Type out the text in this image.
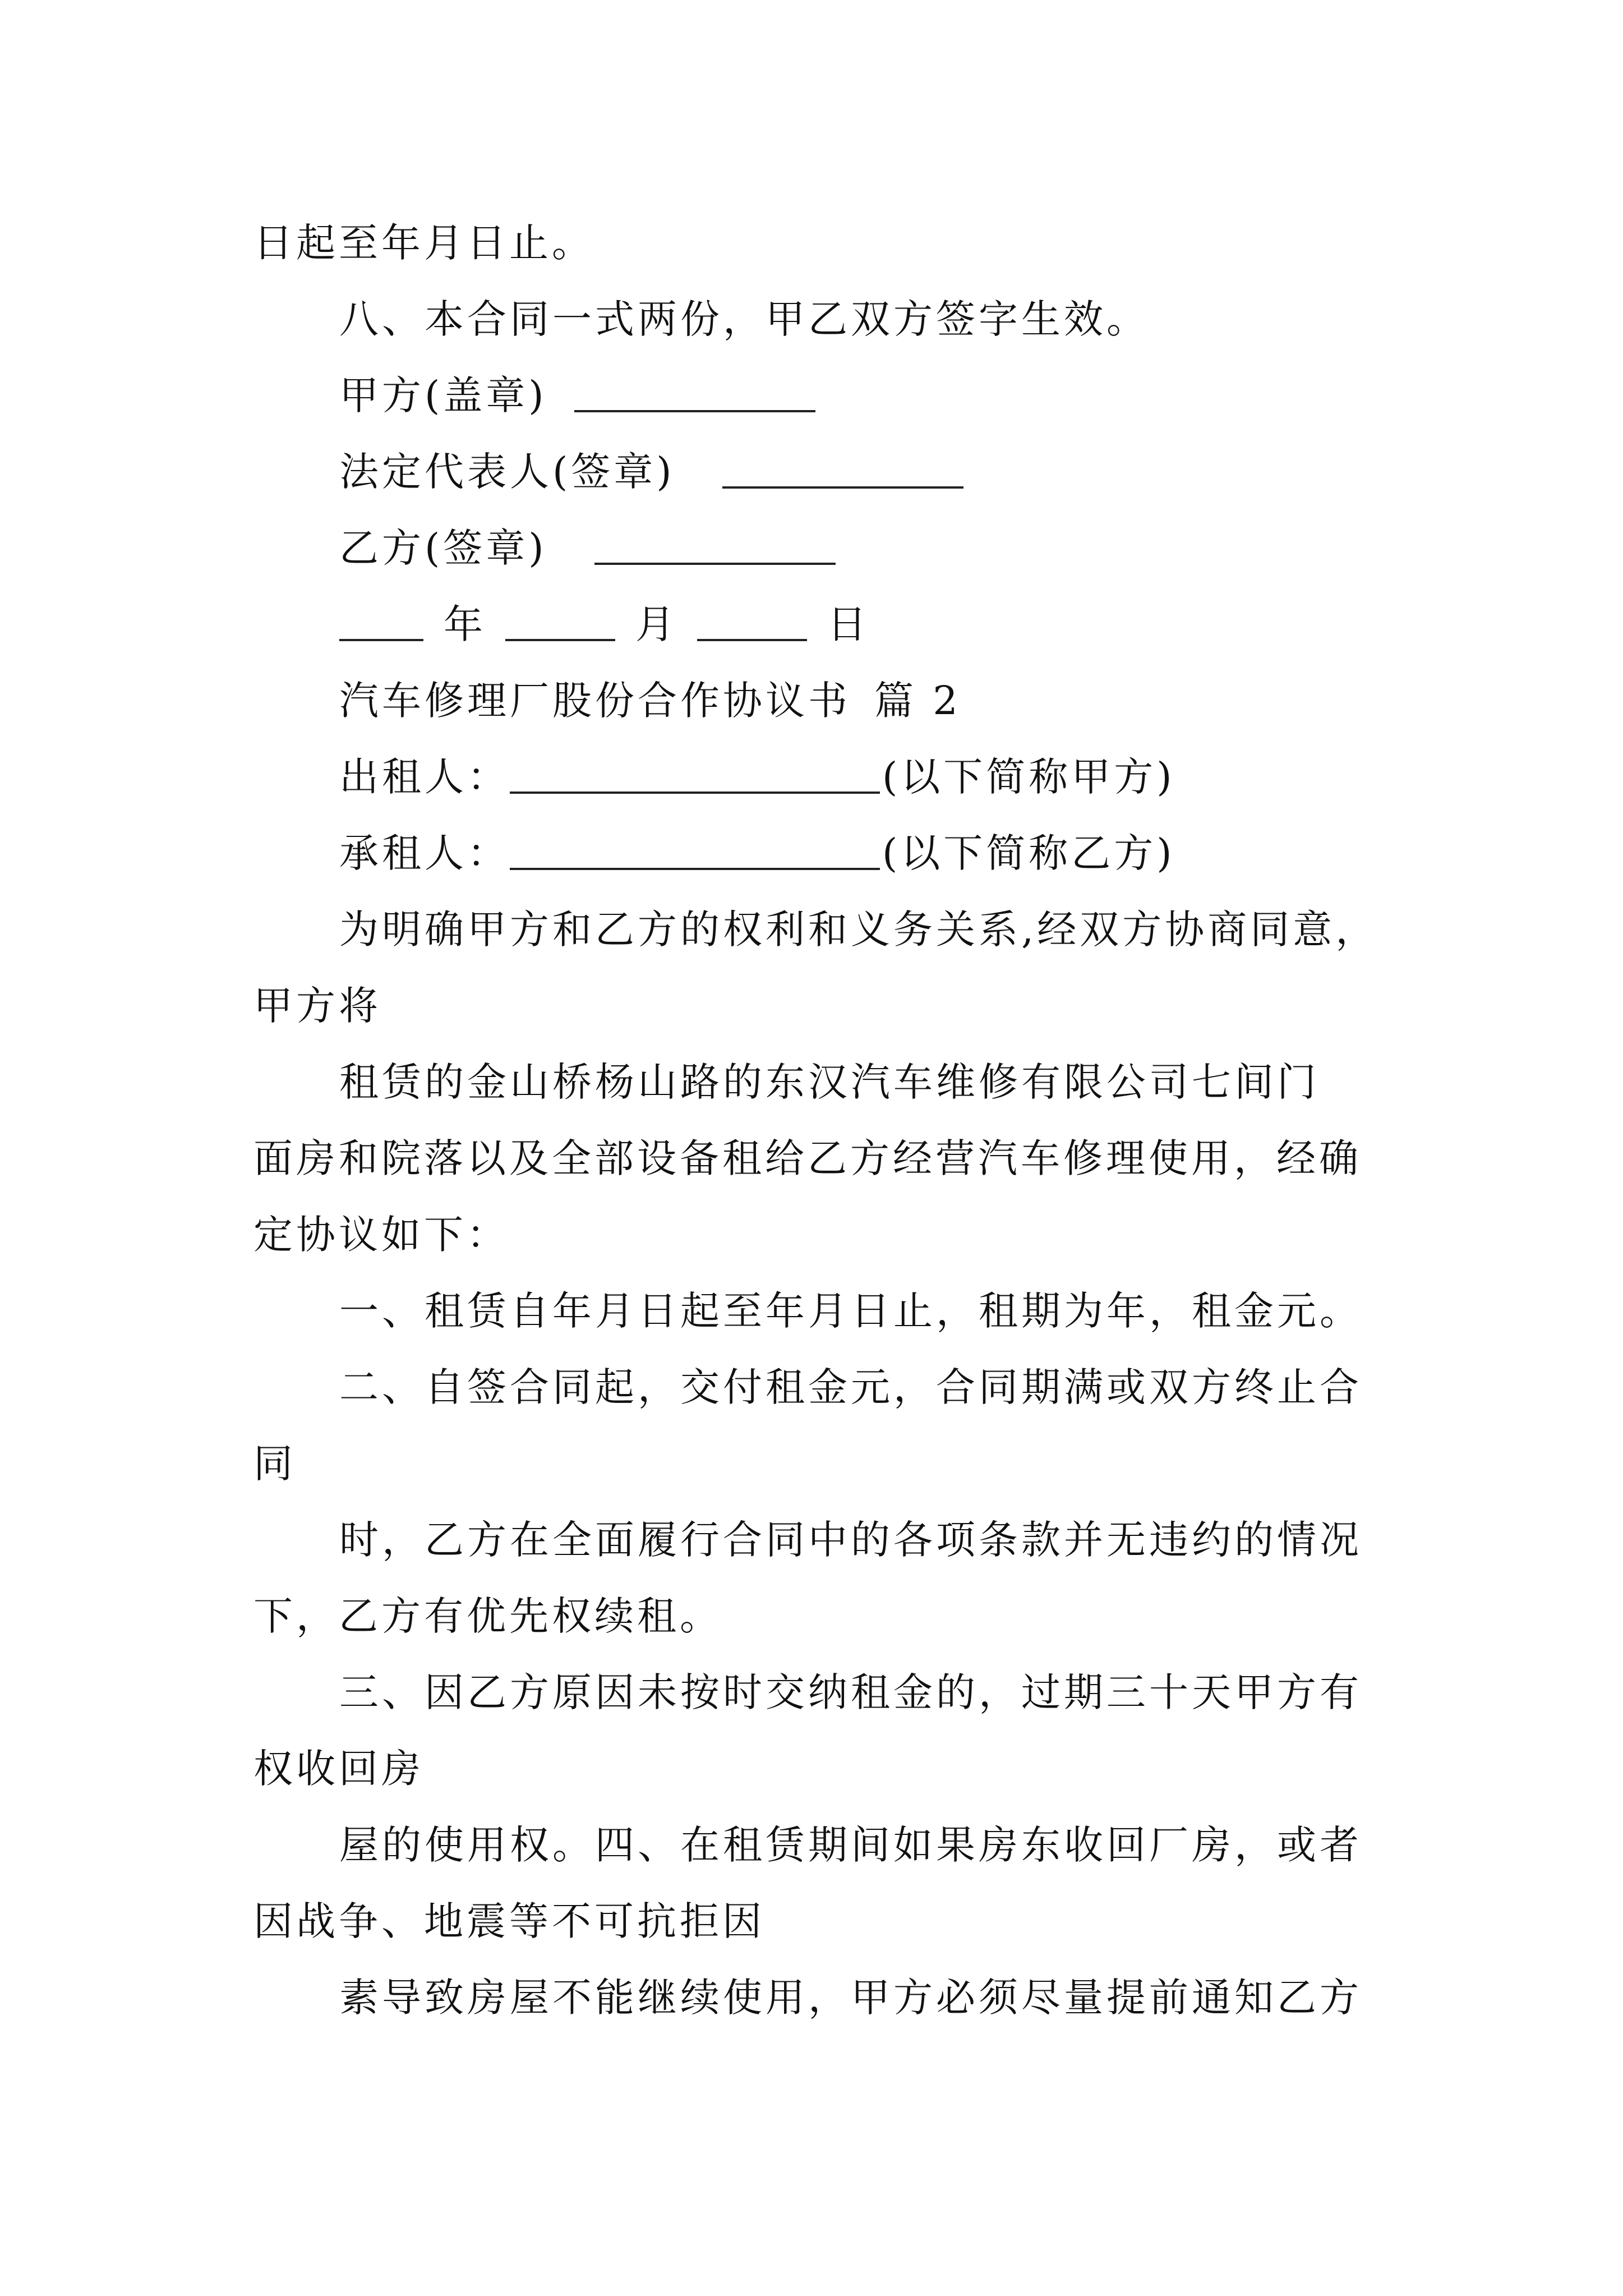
日起至年月日止。
八、本合同一式两份，甲乙双方签字生效。
甲方(盖章)
法定代表人(签章)
乙方(签章)
年	月	日
汽车修理厂股份合作协议书 篇 2
出租人：	(以下简称甲方)
承租人：	(以下简称乙方)
为明确甲方和乙方的权利和义务关系,经双方协商同意，
甲方将
租赁的金山桥杨山路的东汉汽车维修有限公司七间门
面房和院落以及全部设备租给乙方经营汽车修理使用，经确
定协议如下：
一、租赁自年月日起至年月日止，租期为年，租金元。
二、自签合同起，交付租金元，合同期满或双方终止合
同
时，乙方在全面履行合同中的各项条款并无违约的情况
下，乙方有优先权续租。
三、因乙方原因未按时交纳租金的，过期三十天甲方有
权收回房
屋的使用权。四、在租赁期间如果房东收回厂房，或者
因战争、地震等不可抗拒因
素导致房屋不能继续使用，甲方必须尽量提前通知乙方
